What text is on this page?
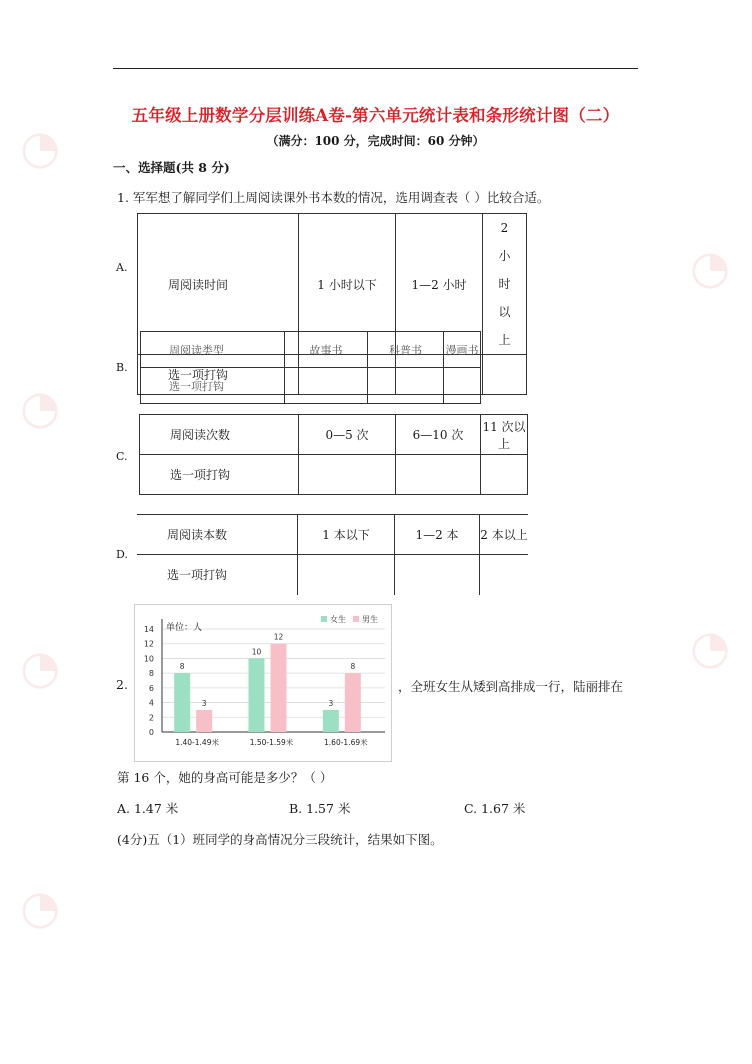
◔
◔
◔
◔
◔
◔
五年级上册数学分层训练A卷-第六单元统计表和条形统计图（二）
（满分：100 分，完成时间：60 分钟）
一、选择题(共 8 分)
1. 军军想了解同学们上周阅读课外书本数的情况，选用调查表（ ）比较合适。
A.
周阅读时间	1 小时以下	1—2 小时	2 小时以上
选一项打钩			
B.
周阅读类型	故事书	科普书	漫画书
选一项打钩			
C.
周阅读次数	0—5 次	6—10 次	11 次以上
选一项打钩			
D.
周阅读本数	1 本以下	1—2 本	2 本以上
选一项打钩			
2.
0
2
4
6
8
10
12
14 单位：人
女生 男生
8
3
1.40-1.49米
10
12
1.50-1.59米
3
8
1.60-1.69米
，全班女生从矮到高排成一行，陆丽排在
第 16 个，她的身高可能是多少？（ ）
A. 1.47 米	B. 1.57 米	C. 1.67 米
(4分)五（1）班同学的身高情况分三段统计，结果如下图。
